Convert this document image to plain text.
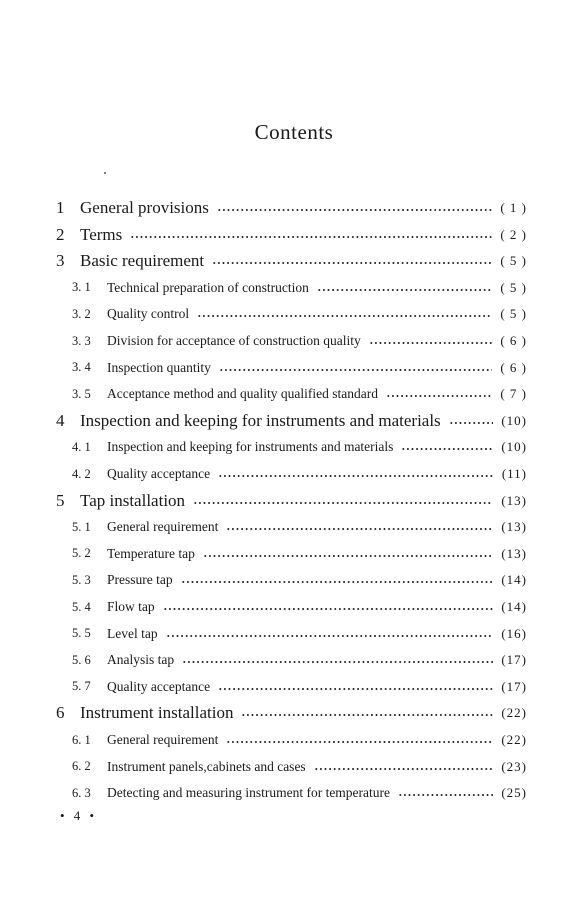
Contents
1 General provisions	( 1 )
2 Terms	( 2 )
3 Basic requirement	( 5 )
3. 1	Technical preparation of construction	( 5 )
3. 2	Quality control	( 5 )
3. 3	Division for acceptance of construction quality	( 6 )
3. 4	Inspection quantity	( 6 )
3. 5	Acceptance method and quality qualified standard	( 7 )
4 Inspection and keeping for instruments and materials	(10)
4. 1	Inspection and keeping for instruments and materials	(10)
4. 2	Quality acceptance	(11)
5 Tap installation	(13)
5. 1	General requirement	(13)
5. 2	Temperature tap	(13)
5. 3	Pressure tap	(14)
5. 4	Flow tap	(14)
5. 5	Level tap	(16)
5. 6	Analysis tap	(17)
5. 7	Quality acceptance	(17)
6 Instrument installation	(22)
6. 1	General requirement	(22)
6. 2	Instrument panels,cabinets and cases	(23)
6. 3	Detecting and measuring instrument for temperature	(25)
• 4 •
